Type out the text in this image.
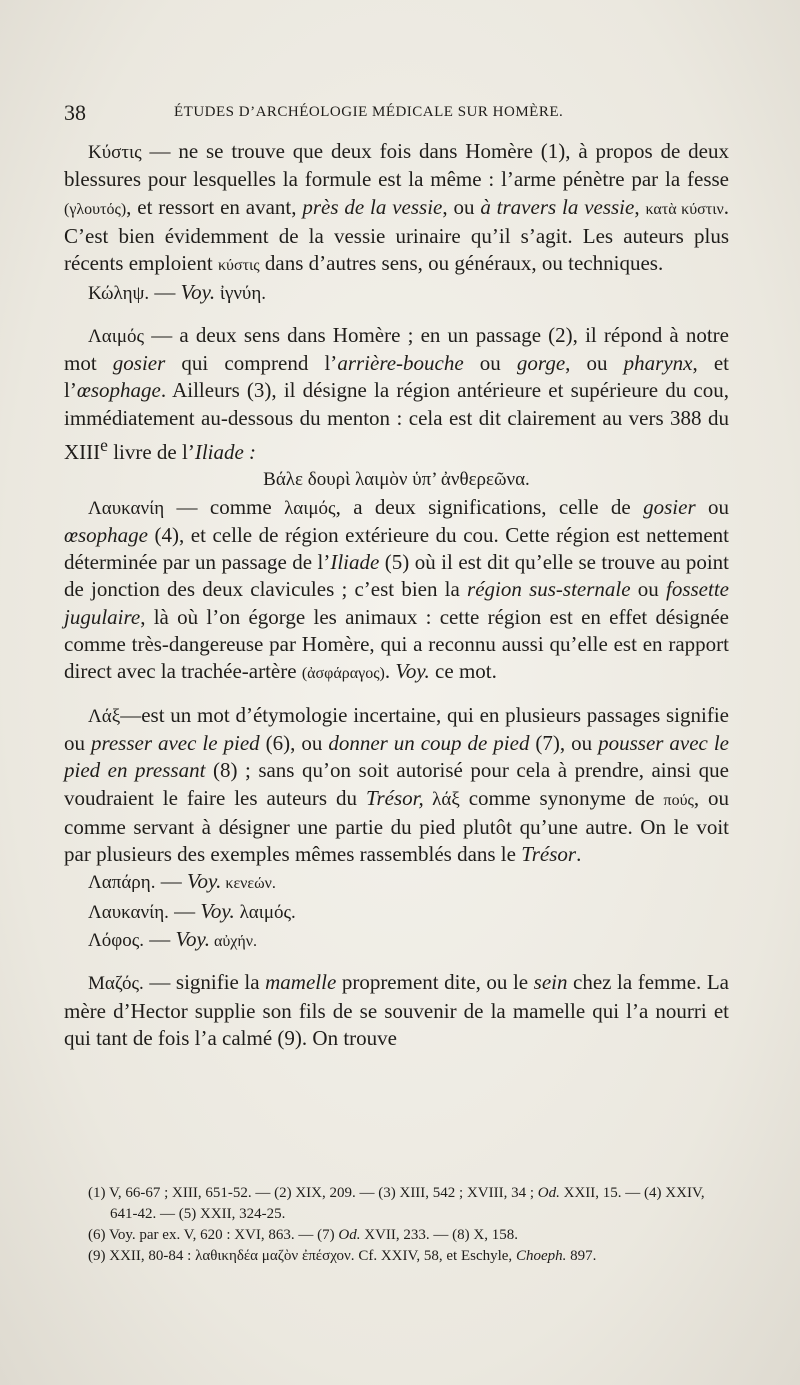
38	ÉTUDES D’ARCHÉOLOGIE MÉDICALE SUR HOMÈRE.

Κύστις — ne se trouve que deux fois dans Homère (1), à propos de deux blessures pour lesquelles la formule est la même : l’arme pénètre par la fesse (γλουτός), et ressort en avant, près de la vessie, ou à travers la vessie, κατὰ κύστιν. C’est bien évidemment de la vessie urinaire qu’il s’agit. Les auteurs plus récents emploient κύστις dans d’autres sens, ou généraux, ou techniques.

Κώληψ. — Voy. ἰγνύη.

Λαιμός — a deux sens dans Homère ; en un passage (2), il répond à notre mot gosier qui comprend l’arrière-bouche ou gorge, ou pharynx, et l’œsophage. Ailleurs (3), il désigne la région antérieure et supérieure du cou, immédiatement au-dessous du menton : cela est dit clairement au vers 388 du XIIIe livre de l’Iliade :

Βάλε δουρὶ λαιμὸν ὑπ’ ἀνθερεῶνα.

Λαυκανίη — comme λαιμός, a deux significations, celle de gosier ou œsophage (4), et celle de région extérieure du cou. Cette région est nettement déterminée par un passage de l’Iliade (5) où il est dit qu’elle se trouve au point de jonction des deux clavicules ; c’est bien la région sus-sternale ou fossette jugulaire, là où l’on égorge les animaux : cette région est en effet désignée comme très-dangereuse par Homère, qui a reconnu aussi qu’elle est en rapport direct avec la trachée-artère (ἀσφάραγος). Voy. ce mot.

Λάξ—est un mot d’étymologie incertaine, qui en plusieurs passages signifie ou presser avec le pied (6), ou donner un coup de pied (7), ou pousser avec le pied en pressant (8) ; sans qu’on soit autorisé pour cela à prendre, ainsi que voudraient le faire les auteurs du Trésor, λάξ comme synonyme de πούς, ou comme servant à désigner une partie du pied plutôt qu’une autre. On le voit par plusieurs des exemples mêmes rassemblés dans le Trésor.

Λαπάρη. — Voy. κενεών.

Λαυκανίη. — Voy. λαιμός.

Λόφος. — Voy. αὐχήν.

Μαζός. — signifie la mamelle proprement dite, ou le sein chez la femme. La mère d’Hector supplie son fils de se souvenir de la mamelle qui l’a nourri et qui tant de fois l’a calmé (9). On trouve

(1) V, 66-67 ; XIII, 651-52. — (2) XIX, 209. — (3) XIII, 542 ; XVIII, 34 ; Od. XXII, 15. — (4) XXIV, 641-42. — (5) XXII, 324-25.

(6) Voy. par ex. V, 620 : XVI, 863. — (7) Od. XVII, 233. — (8) X, 158.

(9) XXII, 80-84 : λαθικηδέα μαζὸν ἐπέσχον. Cf. XXIV, 58, et Eschyle, Choeph. 897.
